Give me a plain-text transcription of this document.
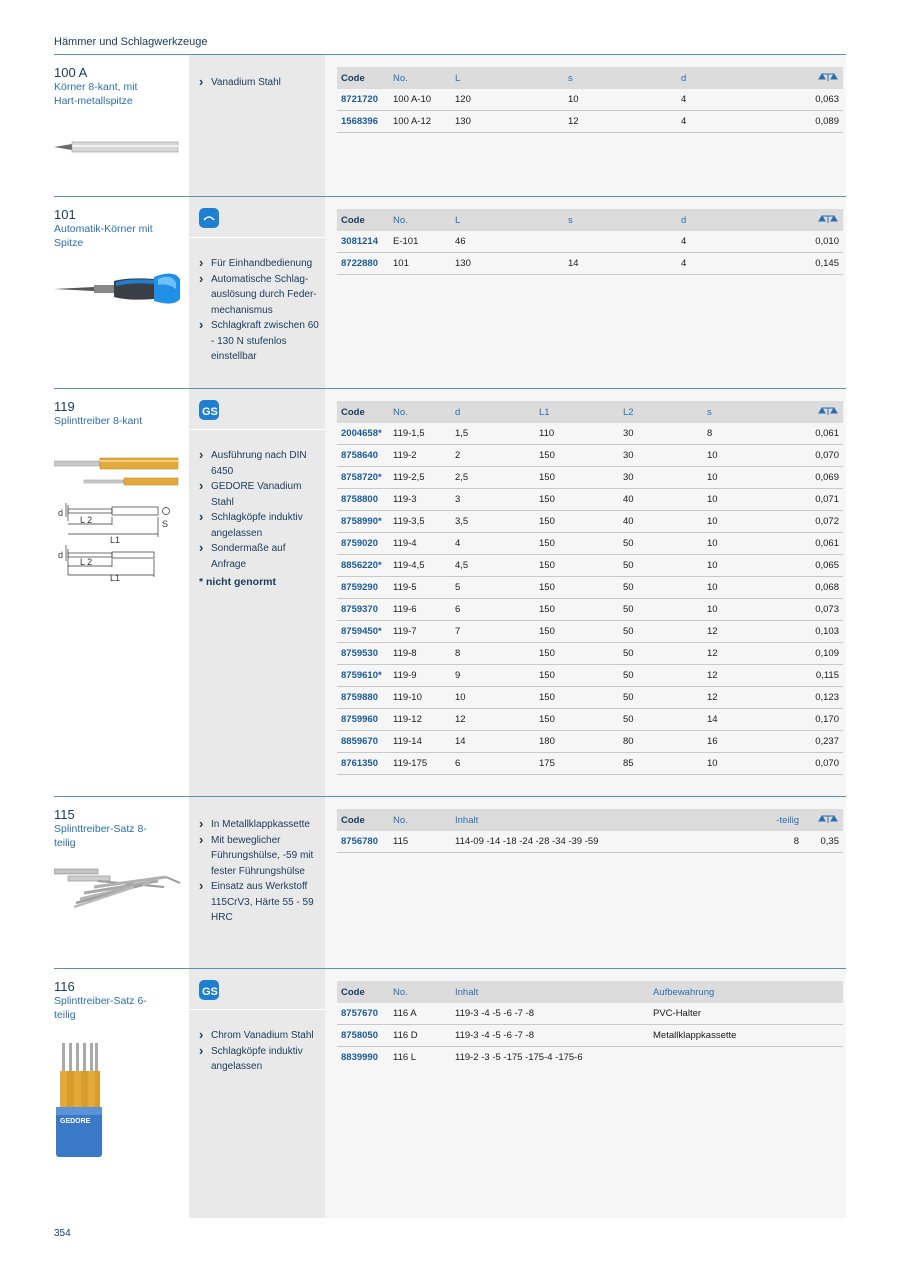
Hämmer und Schlagwerkzeuge
› Vanadium Stahl	Code	No.	L	s	d	
8721720	100 A-10	120	10	4	0,063
1568396	100 A-12	130	12	4	0,089
100 A
Körner 8-kant, mit Hart-metallspitze
› Für Einhandbedienung
› Automatische Schlag-auslösung durch Feder-mechanismus
› Schlagkraft zwischen 60 - 130 N stufenlos einstellbar
Code	No.	L	s	d	
3081214	E-101	46		4	0,010
8722880	101	130	14	4	0,145
101
Automatik-Körner mit Spitze
GS
› Ausführung nach DIN 6450
› GEDORE Vanadium Stahl
› Schlagköpfe induktiv angelassen
› Sondermaße auf Anfrage
* nicht genormt
Code	No.	d	L1	L2	s	
2004658*	119-1,5	1,5	110	30	8	0,061
8758640	119-2	2	150	30	10	0,070
8758720*	119-2,5	2,5	150	30	10	0,069
8758800	119-3	3	150	40	10	0,071
8758990*	119-3,5	3,5	150	40	10	0,072
8759020	119-4	4	150	50	10	0,061
8856220*	119-4,5	4,5	150	50	10	0,065
8759290	119-5	5	150	50	10	0,068
8759370	119-6	6	150	50	10	0,073
8759450*	119-7	7	150	50	12	0,103
8759530	119-8	8	150	50	12	0,109
8759610*	119-9	9	150	50	12	0,115
8759880	119-10	10	150	50	12	0,123
8759960	119-12	12	150	50	14	0,170
8859670	119-14	14	180	80	16	0,237
8761350	119-175	6	175	85	10	0,070
119
Splinttreiber 8-kant
d
L 2
L1
S
d
L 2
L1
› In Metallklappkassette
› Mit beweglicher Führungshülse, -59 mit fester Führungshülse
› Einsatz aus Werkstoff 115CrV3, Härte 55 - 59 HRC
Code	No.	Inhalt	-teilig	
8756780	115	114-09 -14 -18 -24 -28 -34 -39 -59	8	0,35
115
Splinttreiber-Satz 8-teilig
GS
› Chrom Vanadium Stahl
› Schlagköpfe induktiv angelassen
Code	No.	Inhalt	Aufbewahrung
8757670	116 A	119-3 -4 -5 -6 -7 -8	PVC-Halter
8758050	116 D	119-3 -4 -5 -6 -7 -8	Metallklappkassette
8839990	116 L	119-2 -3 -5 -175 -175-4 -175-6	
116
Splinttreiber-Satz 6-teilig
GEDORE
354
